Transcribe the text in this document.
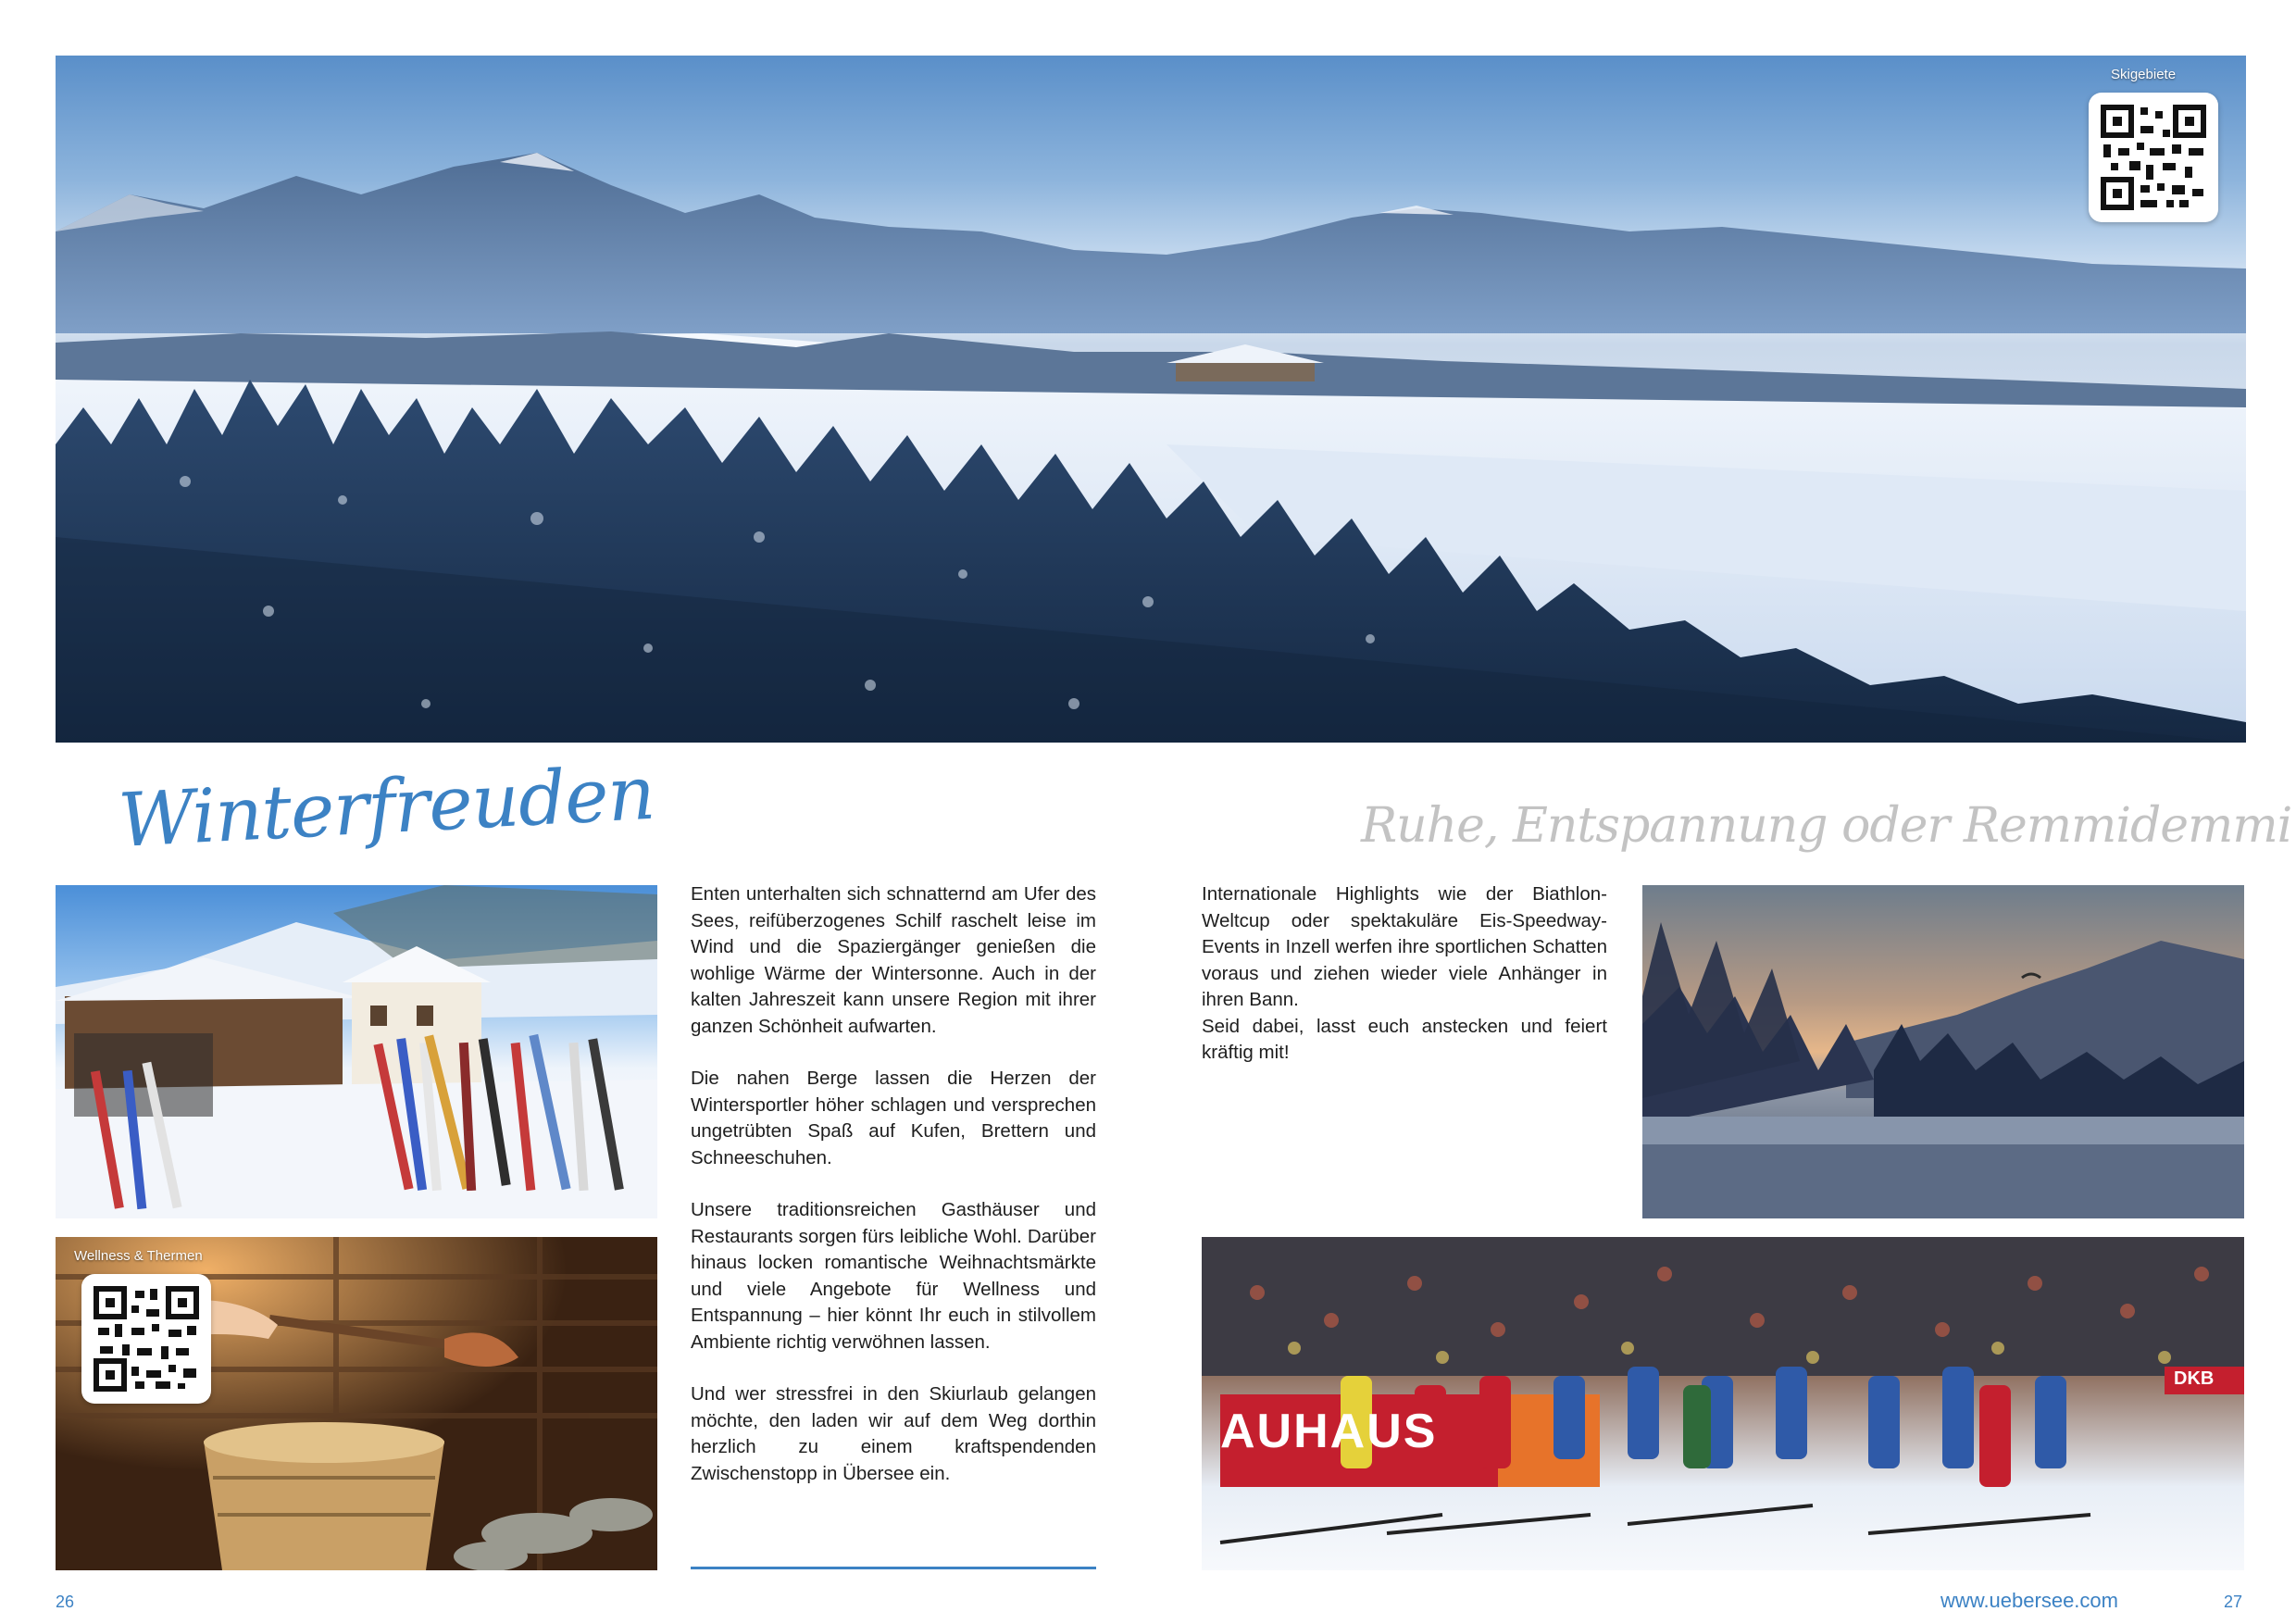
Skigebiete
Winterfreuden	Ruhe, Entspannung oder Remmidemmi
Wellness & Thermen

Enten unterhalten sich schnatternd am Ufer des Sees, reifüberzogenes Schilf raschelt leise im Wind und die Spaziergänger genießen die wohlige Wärme der Wintersonne. Auch in der kalten Jahreszeit kann unsere Region mit ihrer ganzen Schönheit aufwarten.

Die nahen Berge lassen die Herzen der Wintersportler höher schlagen und versprechen ungetrübten Spaß auf Kufen, Brettern und Schneeschuhen.

Unsere traditionsreichen Gasthäuser und Restaurants sorgen fürs leibliche Wohl. Darüber hinaus locken romantische Weihnachtsmärkte und viele Angebote für Wellness und Entspannung – hier könnt Ihr euch in stilvollem Ambiente richtig verwöhnen lassen.

Und wer stressfrei in den Skiurlaub gelangen möchte, den laden wir auf dem Weg dorthin herzlich zu einem kraftspendenden Zwischenstopp in Übersee ein.

Internationale Highlights wie der Biathlon-Weltcup oder spektakuläre Eis-Speedway-Events in Inzell werfen ihre sportlichen Schatten voraus und ziehen wieder viele Anhänger in ihren Bann.

Seid dabei, lasst euch anstecken und feiert kräftig mit!

AUHAUS
DKB
26	www.uebersee.com	27
